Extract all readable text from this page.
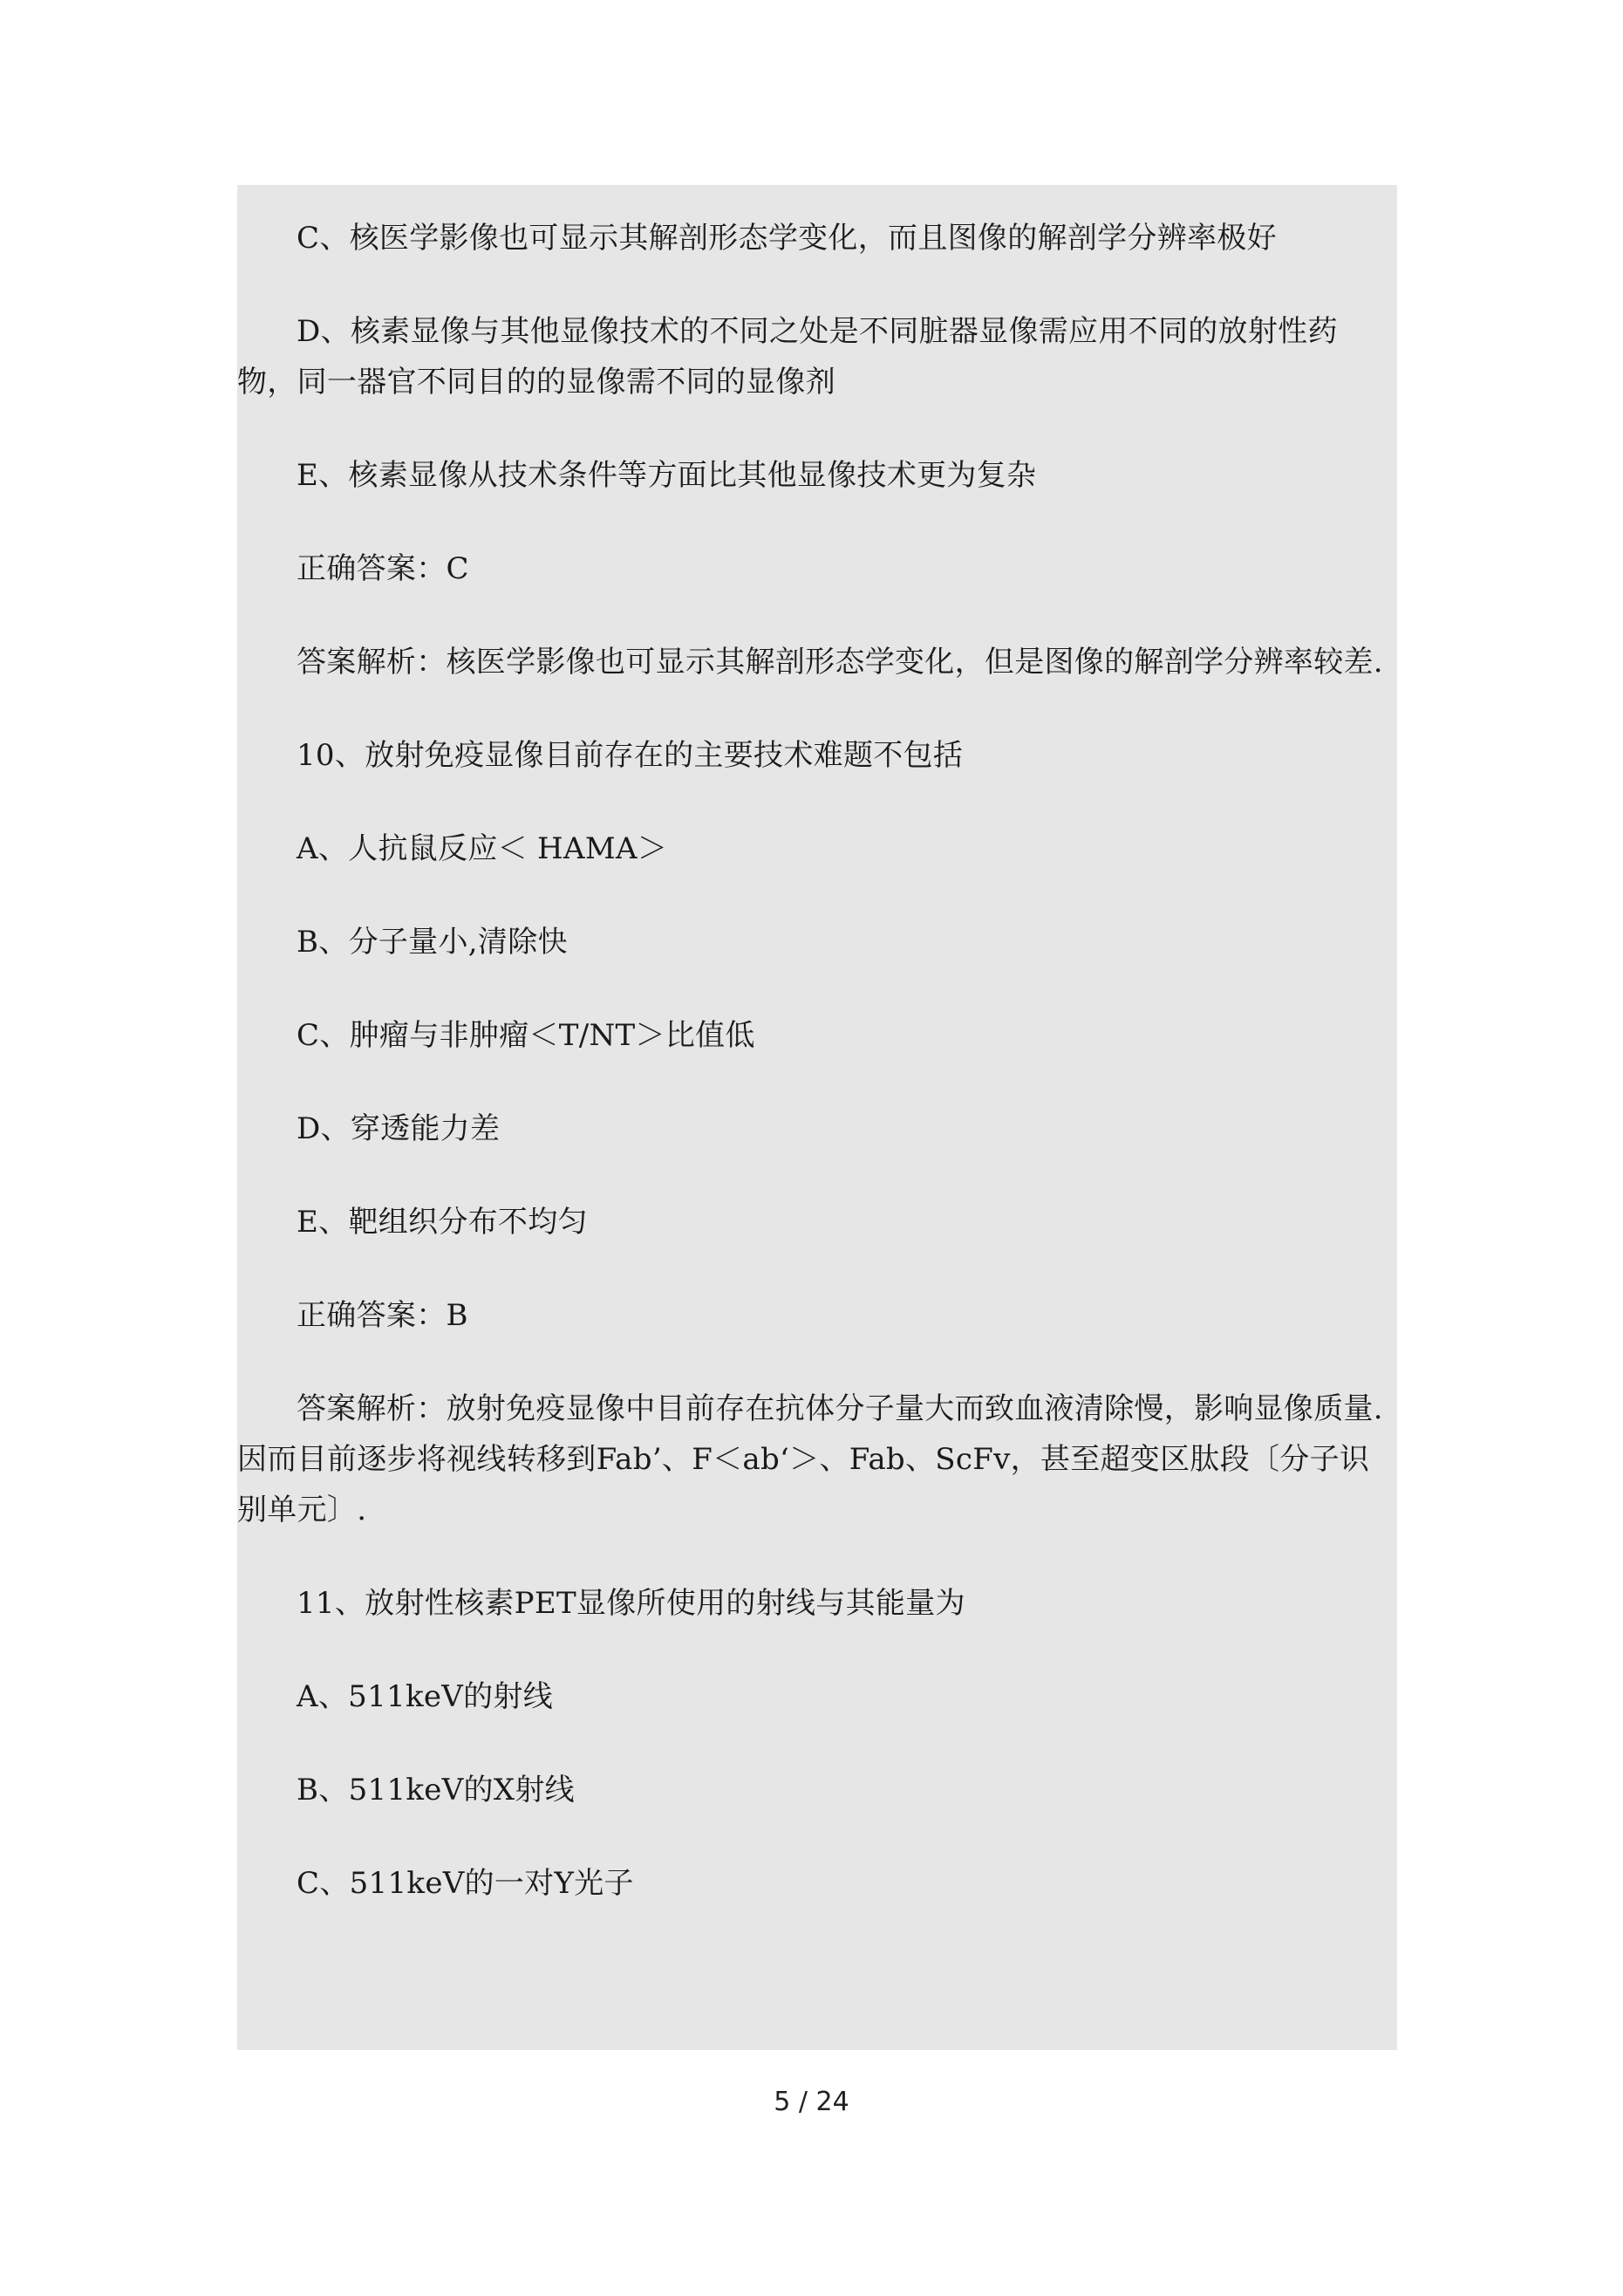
C、核医学影像也可显示其解剖形态学变化，而且图像的解剖学分辨率极好

D、核素显像与其他显像技术的不同之处是不同脏器显像需应用不同的放射性药物，同一器官不同目的的显像需不同的显像剂

E、核素显像从技术条件等方面比其他显像技术更为复杂

正确答案：C

答案解析：核医学影像也可显示其解剖形态学变化，但是图像的解剖学分辨率较差.

10、放射免疫显像目前存在的主要技术难题不包括

A、人抗鼠反应＜ HAMA＞

B、分子量小,清除快

C、肿瘤与非肿瘤＜T/NT＞比值低

D、穿透能力差

E、靶组织分布不均匀

正确答案：B

答案解析：放射免疫显像中目前存在抗体分子量大而致血液清除慢，影响显像质量.因而目前逐步将视线转移到Fab’、F＜ab‘＞、Fab、ScFv，甚至超变区肽段〔分子识别单元〕.

11、放射性核素PET显像所使用的射线与其能量为

A、511keV的射线

B、511keV的X射线

C、511keV的一对Y光子

5 / 24
